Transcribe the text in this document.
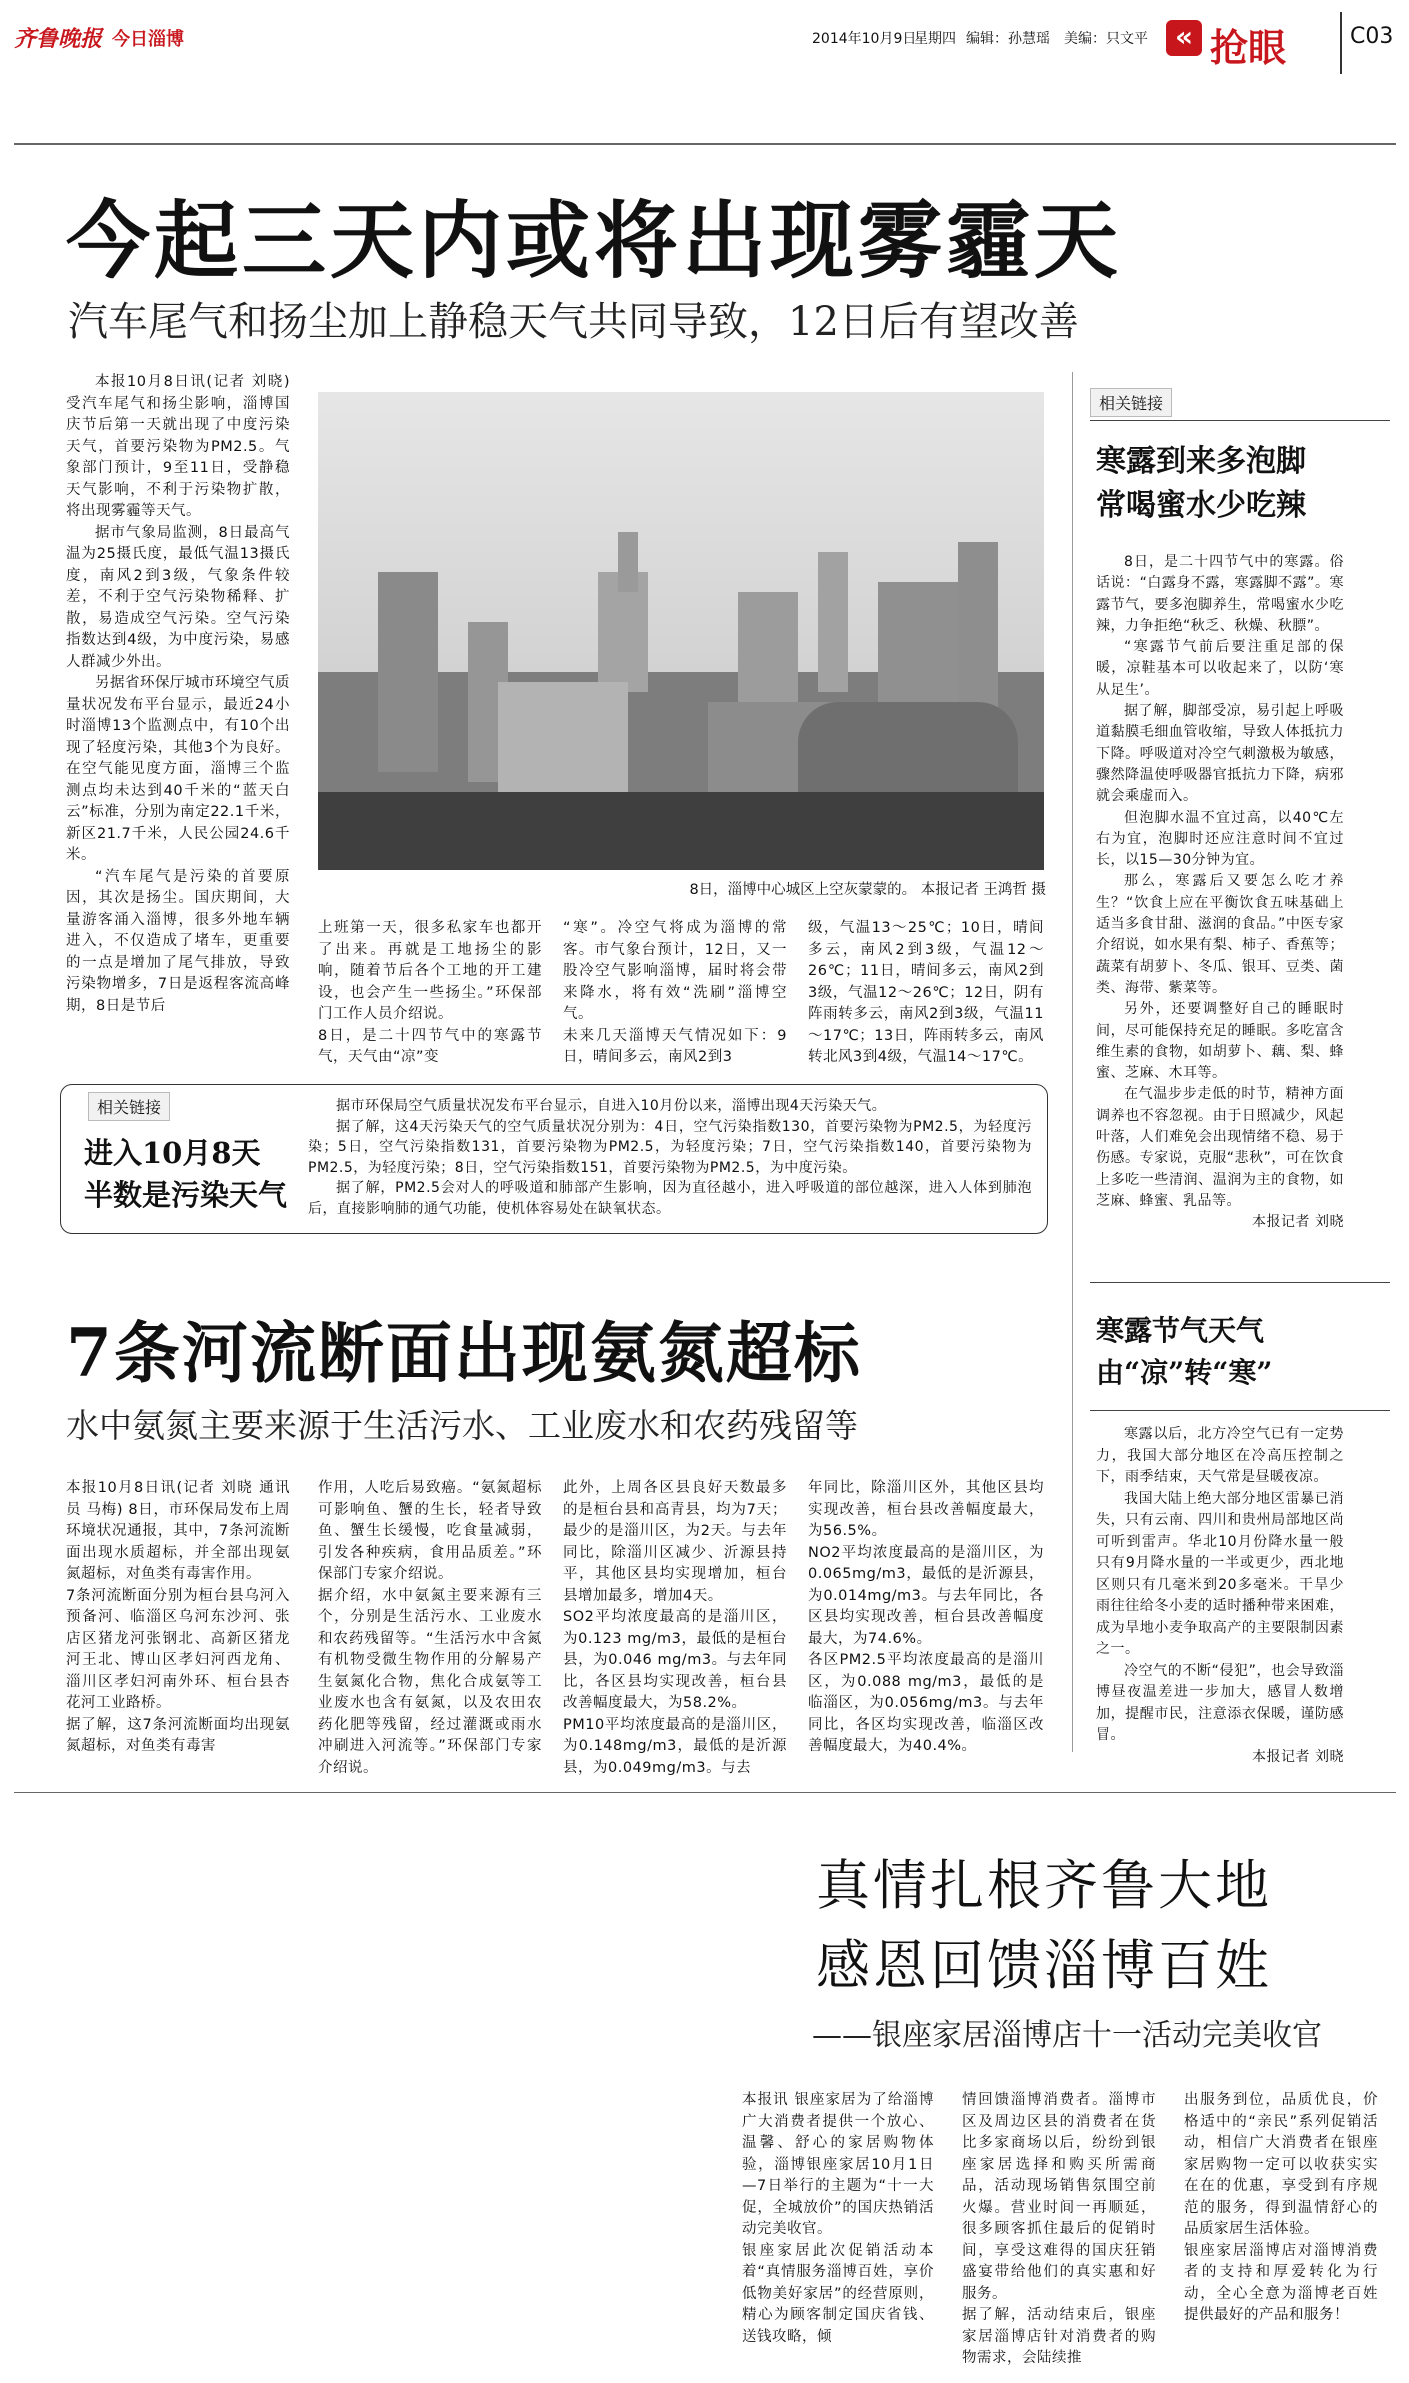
齐鲁晚报 今日淄博	2014年10月9日
星期四 编辑：孙慧瑶 美编：只文平 « 抢眼	C03
今起三天内或将出现雾霾天
汽车尾气和扬尘加上静稳天气共同导致，12日后有望改善

本报10月8日讯(记者 刘晓) 受汽车尾气和扬尘影响，淄博国庆节后第一天就出现了中度污染天气，首要污染物为PM2.5。气象部门预计，9至11日，受静稳天气影响，不利于污染物扩散，将出现雾霾等天气。

据市气象局监测，8日最高气温为25摄氏度，最低气温13摄氏度，南风2到3级，气象条件较差，不利于空气污染物稀释、扩散，易造成空气污染。空气污染指数达到4级，为中度污染，易感人群减少外出。

另据省环保厅城市环境空气质量状况发布平台显示，最近24小时淄博13个监测点中，有10个出现了轻度污染，其他3个为良好。在空气能见度方面，淄博三个监测点均未达到40千米的“蓝天白云”标准，分别为南定22.1千米，新区21.7千米，人民公园24.6千米。

“汽车尾气是污染的首要原因，其次是扬尘。国庆期间，大量游客涌入淄博，很多外地车辆进入，不仅造成了堵车，更重要的一点是增加了尾气排放，导致污染物增多，7日是返程客流高峰期，8日是节后

8日，淄博中心城区上空灰蒙蒙的。 本报记者 王鸿哲 摄
上班第一天，很多私家车也都开了出来。再就是工地扬尘的影响，随着节后各个工地的开工建设，也会产生一些扬尘。”环保部门工作人员介绍说。
8日，是二十四节气中的寒露节气，天气由“凉”变
“寒”。冷空气将成为淄博的常客。市气象台预计，12日，又一股冷空气影响淄博，届时将会带来降水，将有效“洗刷”淄博空气。
未来几天淄博天气情况如下：9日，晴间多云，南风2到3
级，气温13～25℃；10日，晴间多云，南风2到3级，气温12～26℃；11日，晴间多云，南风2到3级，气温12～26℃；12日，阴有阵雨转多云，南风2到3级，气温11～17℃；13日，阵雨转多云，南风转北风3到4级，气温14～17℃。
相关链接
进入10月8天
半数是污染天气

据市环保局空气质量状况发布平台显示，自进入10月份以来，淄博出现4天污染天气。

据了解，这4天污染天气的空气质量状况分别为：4日，空气污染指数130，首要污染物为PM2.5，为轻度污染；5日，空气污染指数131，首要污染物为PM2.5，为轻度污染；7日，空气污染指数140，首要污染物为PM2.5，为轻度污染；8日，空气污染指数151，首要污染物为PM2.5，为中度污染。

据了解，PM2.5会对人的呼吸道和肺部产生影响，因为直径越小，进入呼吸道的部位越深，进入人体到肺泡后，直接影响肺的通气功能，使机体容易处在缺氧状态。

相关链接
寒露到来多泡脚
常喝蜜水少吃辣

8日，是二十四节气中的寒露。俗话说：“白露身不露，寒露脚不露”。寒露节气，要多泡脚养生，常喝蜜水少吃辣，力争拒绝“秋乏、秋燥、秋膘”。

“寒露节气前后要注重足部的保暖，凉鞋基本可以收起来了，以防‘寒从足生’。

据了解，脚部受凉，易引起上呼吸道黏膜毛细血管收缩，导致人体抵抗力下降。呼吸道对冷空气刺激极为敏感，骤然降温使呼吸器官抵抗力下降，病邪就会乘虚而入。

但泡脚水温不宜过高，以40℃左右为宜，泡脚时还应注意时间不宜过长，以15—30分钟为宜。

那么，寒露后又要怎么吃才养生？“饮食上应在平衡饮食五味基础上适当多食甘甜、滋润的食品。”中医专家介绍说，如水果有梨、柿子、香蕉等；蔬菜有胡萝卜、冬瓜、银耳、豆类、菌类、海带、紫菜等。

另外，还要调整好自己的睡眠时间，尽可能保持充足的睡眠。多吃富含维生素的食物，如胡萝卜、藕、梨、蜂蜜、芝麻、木耳等。

在气温步步走低的时节，精神方面调养也不容忽视。由于日照减少，风起叶落，人们难免会出现情绪不稳、易于伤感。专家说，克服“悲秋”，可在饮食上多吃一些清润、温润为主的食物，如芝麻、蜂蜜、乳品等。

本报记者 刘晓
7条河流断面出现氨氮超标
水中氨氮主要来源于生活污水、工业废水和农药残留等
本报10月8日讯(记者 刘晓 通讯员 马梅) 8日，市环保局发布上周环境状况通报，其中，7条河流断面出现水质超标，并全部出现氨氮超标，对鱼类有毒害作用。
7条河流断面分别为桓台县乌河入预备河、临淄区乌河东沙河、张店区猪龙河张钢北、高新区猪龙河王北、博山区孝妇河西龙角、淄川区孝妇河南外环、桓台县杏花河工业路桥。
据了解，这7条河流断面均出现氨氮超标，对鱼类有毒害
作用，人吃后易致癌。“氨氮超标可影响鱼、蟹的生长，轻者导致鱼、蟹生长缓慢，吃食量减弱，引发各种疾病，食用品质差。”环保部门专家介绍说。
据介绍，水中氨氮主要来源有三个，分别是生活污水、工业废水和农药残留等。“生活污水中含氮有机物受微生物作用的分解易产生氨氮化合物，焦化合成氨等工业废水也含有氨氮，以及农田农药化肥等残留，经过灌溉或雨水冲刷进入河流等。”环保部门专家介绍说。
此外，上周各区县良好天数最多的是桓台县和高青县，均为7天；最少的是淄川区，为2天。与去年同比，除淄川区减少、沂源县持平，其他区县均实现增加，桓台县增加最多，增加4天。
SO2平均浓度最高的是淄川区，为0.123 mg/m3，最低的是桓台县，为0.046 mg/m3。与去年同比，各区县均实现改善，桓台县改善幅度最大，为58.2%。
PM10平均浓度最高的是淄川区，为0.148mg/m3，最低的是沂源县，为0.049mg/m3。与去
年同比，除淄川区外，其他区县均实现改善，桓台县改善幅度最大，为56.5%。
NO2平均浓度最高的是淄川区，为0.065mg/m3，最低的是沂源县，为0.014mg/m3。与去年同比，各区县均实现改善，桓台县改善幅度最大，为74.6%。
各区PM2.5平均浓度最高的是淄川区，为0.088 mg/m3，最低的是临淄区，为0.056mg/m3。与去年同比，各区均实现改善，临淄区改善幅度最大，为40.4%。
寒露节气天气
由“凉”转“寒”

寒露以后，北方冷空气已有一定势力，我国大部分地区在冷高压控制之下，雨季结束，天气常是昼暖夜凉。

我国大陆上绝大部分地区雷暴已消失，只有云南、四川和贵州局部地区尚可听到雷声。华北10月份降水量一般只有9月降水量的一半或更少，西北地区则只有几毫米到20多毫米。干旱少雨往往给冬小麦的适时播种带来困难，成为旱地小麦争取高产的主要限制因素之一。

冷空气的不断“侵犯”，也会导致淄博昼夜温差进一步加大，感冒人数增加，提醒市民，注意添衣保暖，谨防感冒。

本报记者 刘晓
真情扎根齐鲁大地
感恩回馈淄博百姓
——银座家居淄博店十一活动完美收官
本报讯 银座家居为了给淄博广大消费者提供一个放心、温馨、舒心的家居购物体验，淄博银座家居10月1日—7日举行的主题为“十一大促，全城放价”的国庆热销活动完美收官。
银座家居此次促销活动本着“真情服务淄博百姓，享价低物美好家居”的经营原则，精心为顾客制定国庆省钱、送钱攻略，倾
情回馈淄博消费者。淄博市区及周边区县的消费者在货比多家商场以后，纷纷到银座家居选择和购买所需商品，活动现场销售氛围空前火爆。营业时间一再顺延，很多顾客抓住最后的促销时间，享受这难得的国庆狂销盛宴带给他们的真实惠和好服务。
据了解，活动结束后，银座家居淄博店针对消费者的购物需求，会陆续推
出服务到位，品质优良，价格适中的“亲民”系列促销活动，相信广大消费者在银座家居购物一定可以收获实实在在的优惠，享受到有序规范的服务，得到温情舒心的品质家居生活体验。
银座家居淄博店对淄博消费者的支持和厚爱转化为行动，全心全意为淄博老百姓提供最好的产品和服务！
